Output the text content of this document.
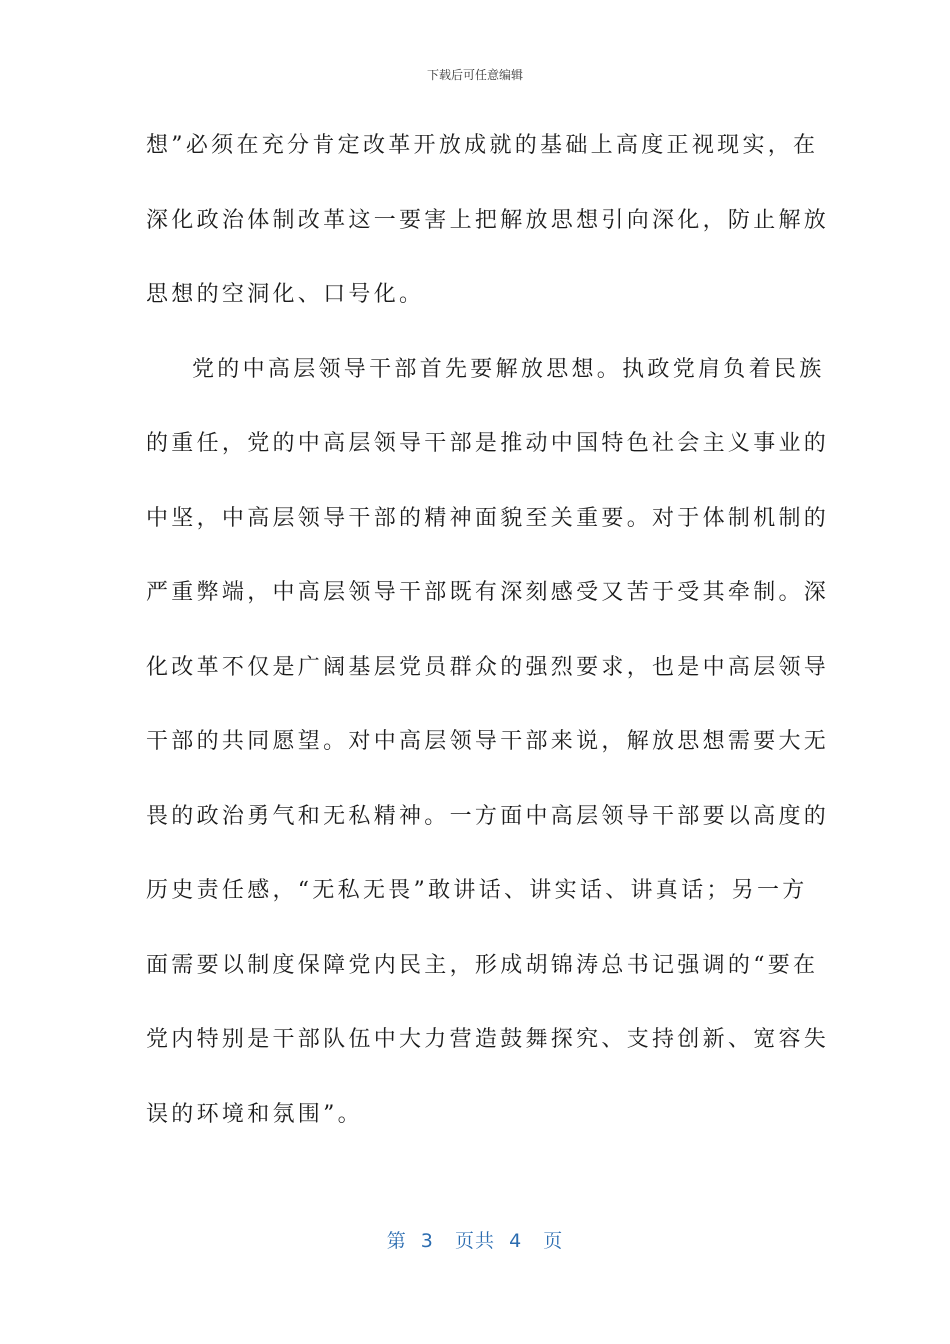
下载后可任意编辑
想”必须在充分肯定改革开放成就的基础上高度正视现实，在
深化政治体制改革这一要害上把解放思想引向深化，防止解放
思想的空洞化、口号化。
党的中高层领导干部首先要解放思想。执政党肩负着民族
的重任，党的中高层领导干部是推动中国特色社会主义事业的
中坚，中高层领导干部的精神面貌至关重要。对于体制机制的
严重弊端，中高层领导干部既有深刻感受又苦于受其牵制。深
化改革不仅是广阔基层党员群众的强烈要求，也是中高层领导
干部的共同愿望。对中高层领导干部来说，解放思想需要大无
畏的政治勇气和无私精神。一方面中高层领导干部要以高度的
历史责任感，“无私无畏”敢讲话、讲实话、讲真话；另一方
面需要以制度保障党内民主，形成胡锦涛总书记强调的“要在
党内特别是干部队伍中大力营造鼓舞探究、支持创新、宽容失
误的环境和氛围”。
第  3   页共  4   页
